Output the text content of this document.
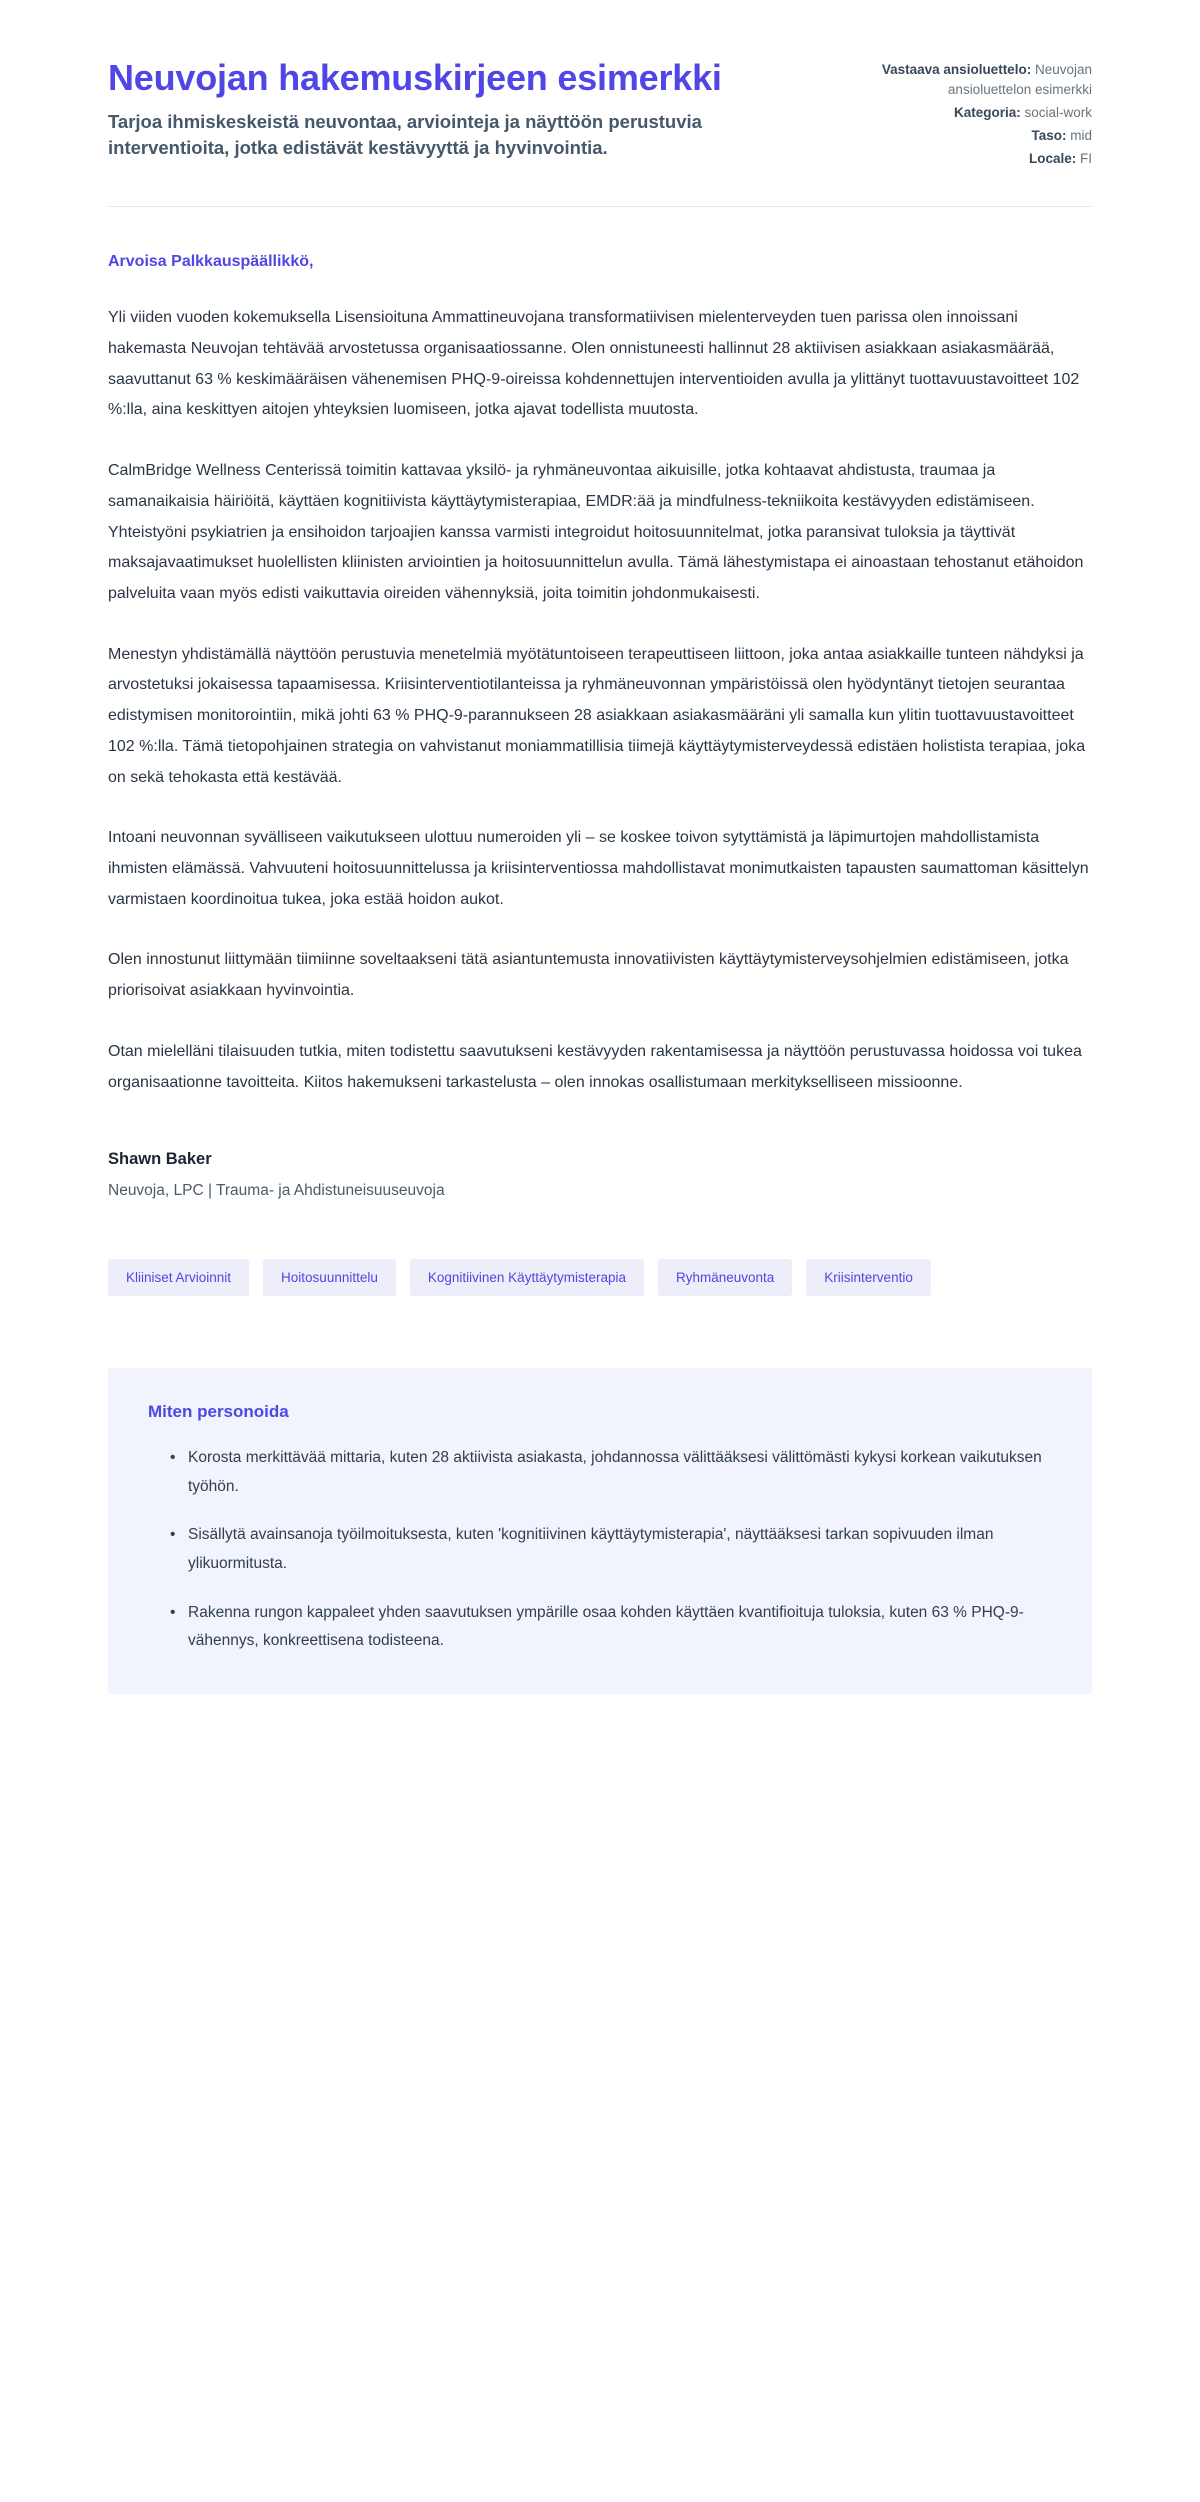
Neuvojan hakemuskirjeen esimerkki

Tarjoa ihmiskeskeistä neuvontaa, arviointeja ja näyttöön perustuvia interventioita, jotka edistävät kestävyyttä ja hyvinvointia.

Vastaava ansioluettelo: Neuvojan ansioluettelon esimerkki
Kategoria: social-work
Taso: mid
Locale: FI

Arvoisa Palkkauspäällikkö,

Yli viiden vuoden kokemuksella Lisensioituna Ammattineuvojana transformatiivisen mielenterveyden tuen parissa olen innoissani hakemasta Neuvojan tehtävää arvostetussa organisaatiossanne. Olen onnistuneesti hallinnut 28 aktiivisen asiakkaan asiakasmäärää, saavuttanut 63 % keskimääräisen vähenemisen PHQ-9-oireissa kohdennettujen interventioiden avulla ja ylittänyt tuottavuustavoitteet 102 %:lla, aina keskittyen aitojen yhteyksien luomiseen, jotka ajavat todellista muutosta.

CalmBridge Wellness Centerissä toimitin kattavaa yksilö- ja ryhmäneuvontaa aikuisille, jotka kohtaavat ahdistusta, traumaa ja samanaikaisia häiriöitä, käyttäen kognitiivista käyttäytymisterapiaa, EMDR:ää ja mindfulness-tekniikoita kestävyyden edistämiseen. Yhteistyöni psykiatrien ja ensihoidon tarjoajien kanssa varmisti integroidut hoitosuunnitelmat, jotka paransivat tuloksia ja täyttivät maksajavaatimukset huolellisten kliinisten arviointien ja hoitosuunnittelun avulla. Tämä lähestymistapa ei ainoastaan tehostanut etähoidon palveluita vaan myös edisti vaikuttavia oireiden vähennyksiä, joita toimitin johdonmukaisesti.

Menestyn yhdistämällä näyttöön perustuvia menetelmiä myötätuntoiseen terapeuttiseen liittoon, joka antaa asiakkaille tunteen nähdyksi ja arvostetuksi jokaisessa tapaamisessa. Kriisinterventiotilanteissa ja ryhmäneuvonnan ympäristöissä olen hyödyntänyt tietojen seurantaa edistymisen monitorointiin, mikä johti 63 % PHQ-9-parannukseen 28 asiakkaan asiakasmääräni yli samalla kun ylitin tuottavuustavoitteet 102 %:lla. Tämä tietopohjainen strategia on vahvistanut moniammatillisia tiimejä käyttäytymisterveydessä edistäen holistista terapiaa, joka on sekä tehokasta että kestävää.

Intoani neuvonnan syvälliseen vaikutukseen ulottuu numeroiden yli – se koskee toivon sytyttämistä ja läpimurtojen mahdollistamista ihmisten elämässä. Vahvuuteni hoitosuunnittelussa ja kriisinterventiossa mahdollistavat monimutkaisten tapausten saumattoman käsittelyn varmistaen koordinoitua tukea, joka estää hoidon aukot.

Olen innostunut liittymään tiimiinne soveltaakseni tätä asiantuntemusta innovatiivisten käyttäytymisterveysohjelmien edistämiseen, jotka priorisoivat asiakkaan hyvinvointia.

Otan mielelläni tilaisuuden tutkia, miten todistettu saavutukseni kestävyyden rakentamisessa ja näyttöön perustuvassa hoidossa voi tukea organisaationne tavoitteita. Kiitos hakemukseni tarkastelusta – olen innokas osallistumaan merkitykselliseen missioonne.

Shawn Baker

Neuvoja, LPC | Trauma- ja Ahdistuneisuuseuvoja

Kliiniset Arvioinnit	Hoitosuunnittelu	Kognitiivinen Käyttäytymisterapia	Ryhmäneuvonta	Kriisinterventio
Miten personoida
• Korosta merkittävää mittaria, kuten 28 aktiivista asiakasta, johdannossa välittääksesi välittömästi kykysi korkean vaikutuksen työhön.
• Sisällytä avainsanoja työilmoituksesta, kuten 'kognitiivinen käyttäytymisterapia', näyttääksesi tarkan sopivuuden ilman ylikuormitusta.
• Rakenna rungon kappaleet yhden saavutuksen ympärille osaa kohden käyttäen kvantifioituja tuloksia, kuten 63 % PHQ-9-vähennys, konkreettisena todisteena.
